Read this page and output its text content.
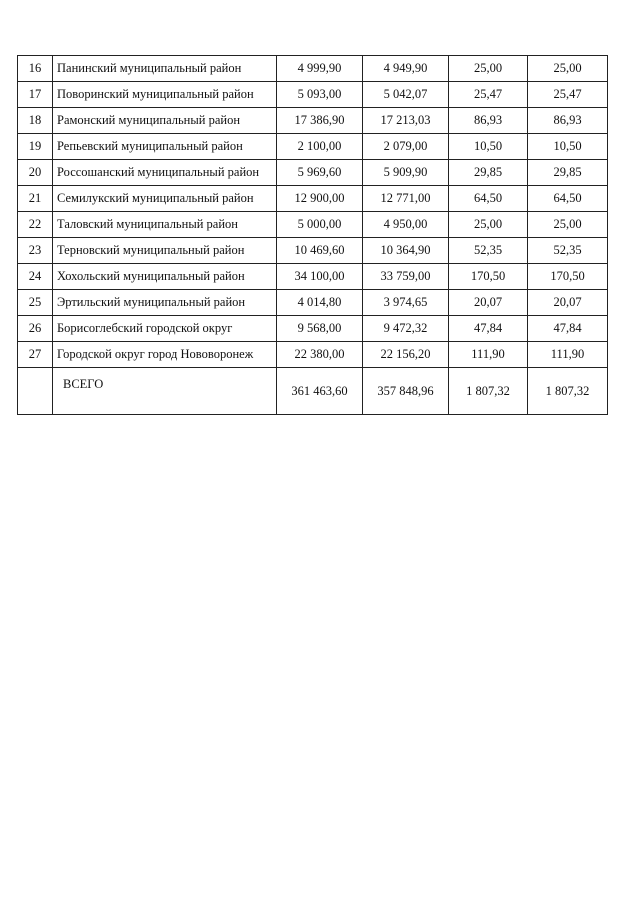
16	Панинский муниципальный район	4 999,90	4 949,90	25,00	25,00
17	Поворинский муниципальный район	5 093,00	5 042,07	25,47	25,47
18	Рамонский муниципальный район	17 386,90	17 213,03	86,93	86,93
19	Репьевский муниципальный район	2 100,00	2 079,00	10,50	10,50
20	Россошанский муниципальный район	5 969,60	5 909,90	29,85	29,85
21	Семилукский муниципальный район	12 900,00	12 771,00	64,50	64,50
22	Таловский муниципальный район	5 000,00	4 950,00	25,00	25,00
23	Терновский муниципальный район	10 469,60	10 364,90	52,35	52,35
24	Хохольский муниципальный район	34 100,00	33 759,00	170,50	170,50
25	Эртильский муниципальный район	4 014,80	3 974,65	20,07	20,07
26	Борисоглебский городской округ	9 568,00	9 472,32	47,84	47,84
27	Городской округ город Нововоронеж	22 380,00	22 156,20	111,90	111,90
	ВСЕГО	361 463,60	357 848,96	1 807,32	1 807,32
